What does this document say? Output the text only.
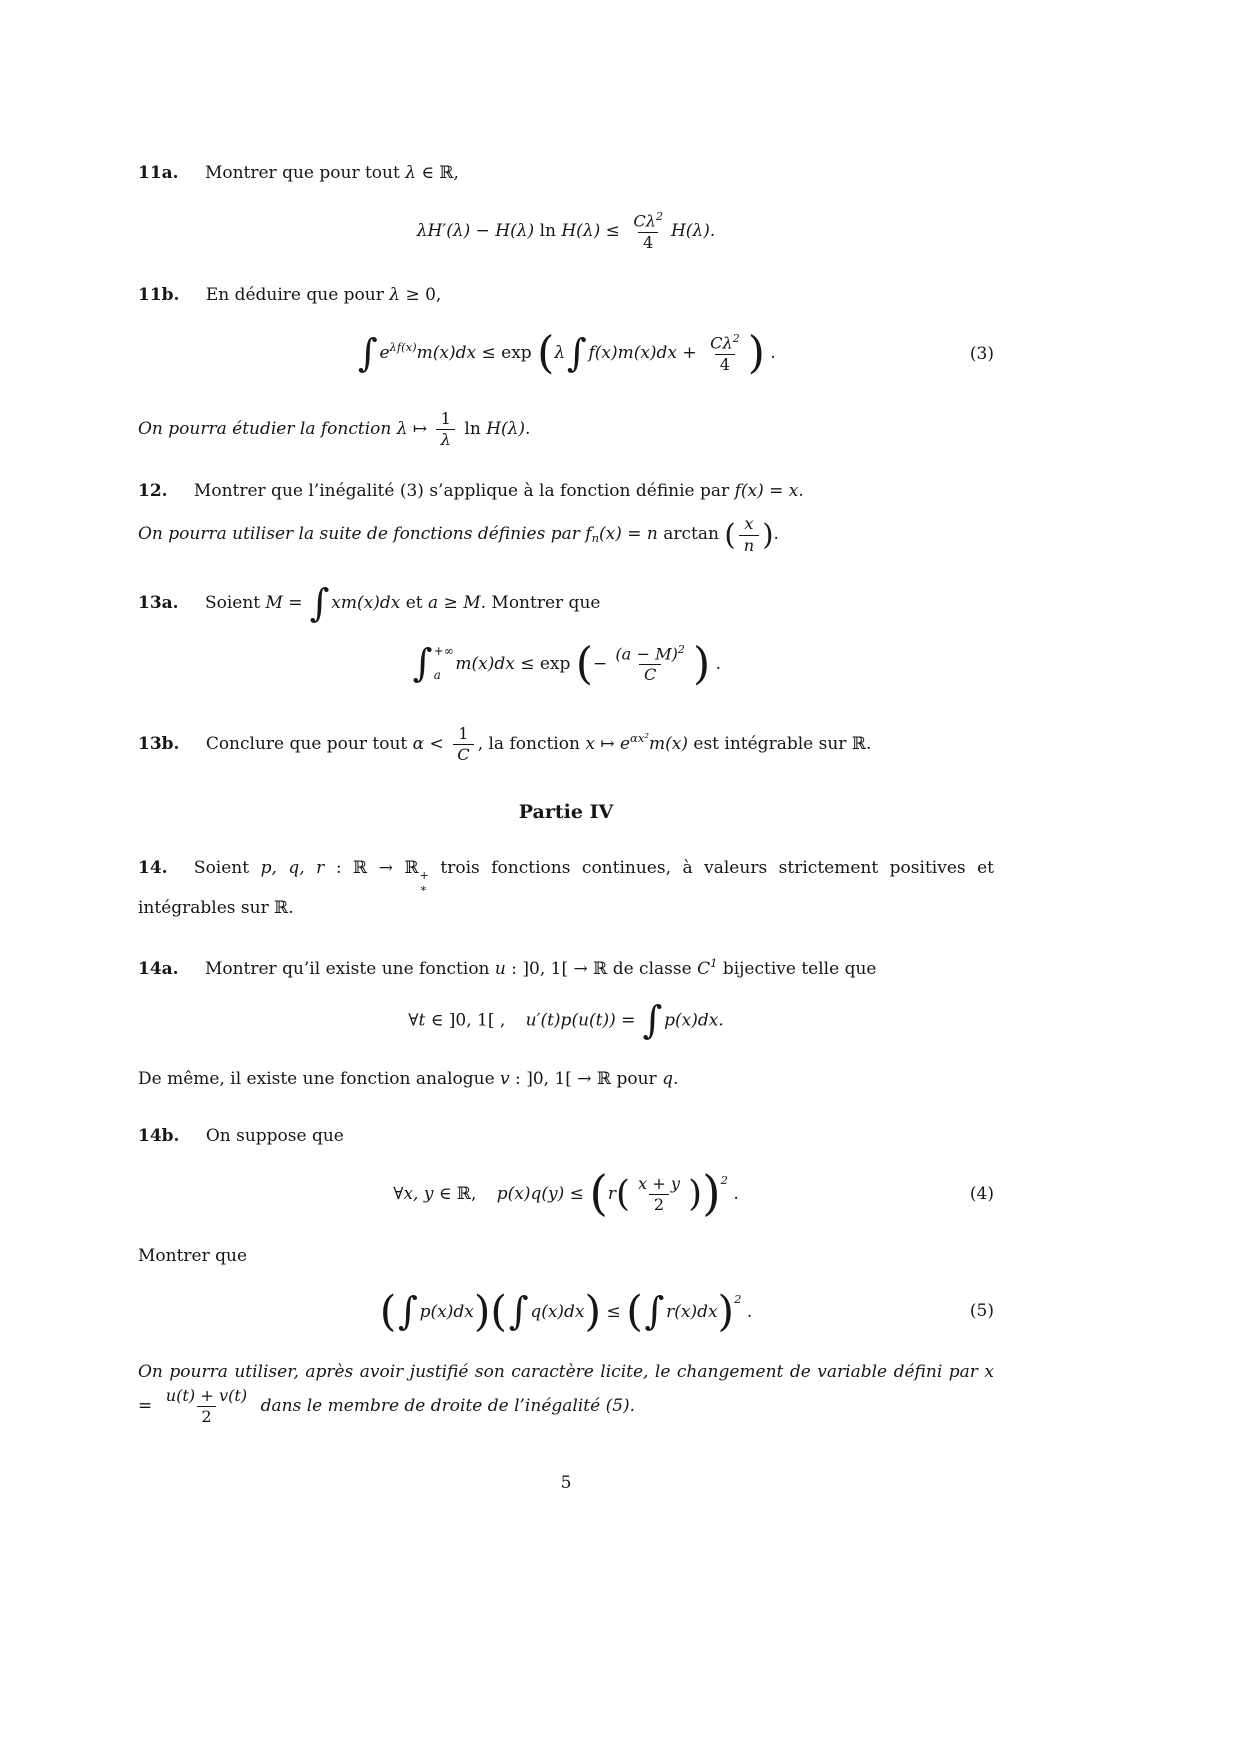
11a. Montrer que pour tout λ ∈ ℝ,

λH′(λ) − H(λ) $\ln H(\lambda) \le \frac{C\lambda^2}{4} H(\lambda)$.

11b. En déduire que pour λ ≥ 0,

∫ $e^{\lambda f(x)}m(x)dx \le \exp (\lambda$ ∫ $f(x)m(x)dx + \frac{C\lambda^2}{4}$ ) .	(3)

On pourra étudier la fonction λ ↦ $\frac{1}{\lambda}$ ln H(λ).

12. Montrer que l’inégalité (3) s’applique à la fonction définie par f(x) = x.

On pourra utiliser la suite de fonctions définies par fn(x) = n arctan ( $\frac{x}{n}$ ).

13a. Soient M = ∫ xm(x)dx et a ≥ M. Montrer que

∫ +∞
a
m(x)dx ≤ exp (− $\frac{(a - M)^2}{C}$ ) .

13b. Conclure que pour tout $\alpha < \frac{1}{C}$ , la fonction x ↦ $e^{\alpha x^2}m(x)$ est intégrable sur ℝ.

Partie IV

14. Soient p, q, r : ℝ → ℝ +
∗
trois fonctions continues, à valeurs strictement positives et intégrables sur ℝ.

14a. Montrer qu’il existe une fonction u : ]0, 1[ → ℝ de classe $C^1$ bijective telle que

∀t ∈ ]0, 1[ , u′(t)p(u(t)) = ∫ p(x)dx.

De même, il existe une fonction analogue v : ]0, 1[ → ℝ pour q.

14b. On suppose que

∀x, y ∈ ℝ, $p(x)q(y) \le (r( \frac{x + y}{2} ))^2$ .	(4)

Montrer que

( ∫ p(x)dx)( ∫ q(x)dx) ≤ ( ∫ r(x)dx)$^2$ .	(5)

On pourra utiliser, après avoir justifié son caractère licite, le changement de variable défini par $x = \frac{u(t) + v(t)}{2}$ dans le membre de droite de l’inégalité (5).

5
